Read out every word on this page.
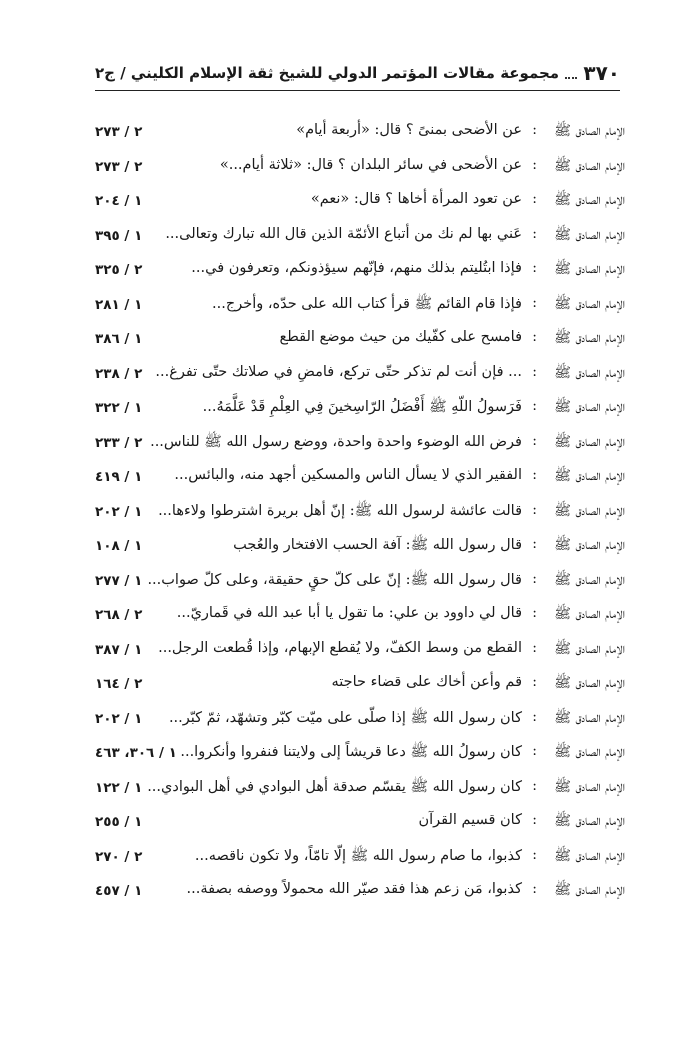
٣٧٠
مجموعة مقالات المؤتمر الدولي للشيخ ثقة الإسلام الكليني / ج٢
الإمام الصادق ﷺ
:
عن الأضحى بمنىً ؟ قال: «أربعة أيام»
٢ / ٢٧٣
الإمام الصادق ﷺ
:
عن الأضحى في سائر البلدان ؟ قال: «ثلاثة أيام...»
٢ / ٢٧٣
الإمام الصادق ﷺ
:
عن تعود المرأة أخاها ؟ قال: «نعم»
١ / ٢٠٤
الإمام الصادق ﷺ
:
عَني بها لم نك من أتباع الأئمّة الذين قال الله تبارك وتعالى...
١ / ٣٩٥
الإمام الصادق ﷺ
:
فإذا ابتُليتم بذلك منهم، فإنّهم سيؤذونكم، وتعرفون في...
٢ / ٣٢٥
الإمام الصادق ﷺ
:
فإذا قام القائم ﷺ قرأ كتاب الله على حدّه، وأخرج...
١ / ٢٨١
الإمام الصادق ﷺ
:
فامسح على كفّيك من حيث موضع القطع
١ / ٣٨٦
الإمام الصادق ﷺ
:
... فإن أنت لم تذكر حتّى تركع، فامضِ في صلاتك حتّى تفرغ...
٢ / ٢٣٨
الإمام الصادق ﷺ
:
فَرَسولُ اللّهِ ﷺ أَفْضَلُ الرّاسِخينَ فِي العِلْمِ قَدْ عَلَّمَهُ...
١ / ٣٢٢
الإمام الصادق ﷺ
:
فرض الله الوضوء واحدة واحدة، ووضع رسول الله ﷺ للناس...
٢ / ٢٣٣
الإمام الصادق ﷺ
:
الفقير الذي لا يسأل الناس والمسكين أجهد منه، والبائس...
١ / ٤١٩
الإمام الصادق ﷺ
:
قالت عائشة لرسول الله ﷺ: إنّ أهل بريرة اشترطوا ولاءها...
١ / ٢٠٢
الإمام الصادق ﷺ
:
قال رسول الله ﷺ: آفة الحسب الافتخار والعُجب
١ / ١٠٨
الإمام الصادق ﷺ
:
قال رسول الله ﷺ: إنّ على كلّ حقٍ حقيقة، وعلى كلّ صواب...
١ / ٢٧٧
الإمام الصادق ﷺ
:
قال لي داوود بن علي: ما تقول يا أبا عبد الله في قَماريّ...
٢ / ٢٦٨
الإمام الصادق ﷺ
:
القطع من وسط الكفّ، ولا يُقطع الإبهام، وإذا قُطعت الرجل...
١ / ٣٨٧
الإمام الصادق ﷺ
:
قم وأعن أخاك على قضاء حاجته
٢ / ١٦٤
الإمام الصادق ﷺ
:
كان رسول الله ﷺ إذا صلّى على ميّت كبّر وتشهّد، ثمّ كبّر...
١ / ٢٠٢
الإمام الصادق ﷺ
:
كان رسولُ الله ﷺ دعا قريشاً إلى ولايتنا فنفروا وأنكروا...
١ / ٣٠٦، ٤٦٣
الإمام الصادق ﷺ
:
كان رسول الله ﷺ يقسّم صدقة أهل البوادي في أهل البوادي...
١ / ١٢٢
الإمام الصادق ﷺ
:
كان قسيم القرآن
١ / ٢٥٥
الإمام الصادق ﷺ
:
كذبوا، ما صام رسول الله ﷺ إلّا تامّاً، ولا تكون ناقصه...
٢ / ٢٧٠
الإمام الصادق ﷺ
:
كذبوا، مَن زعم هذا فقد صيّر الله محمولاً ووصفه بصفة...
١ / ٤٥٧
